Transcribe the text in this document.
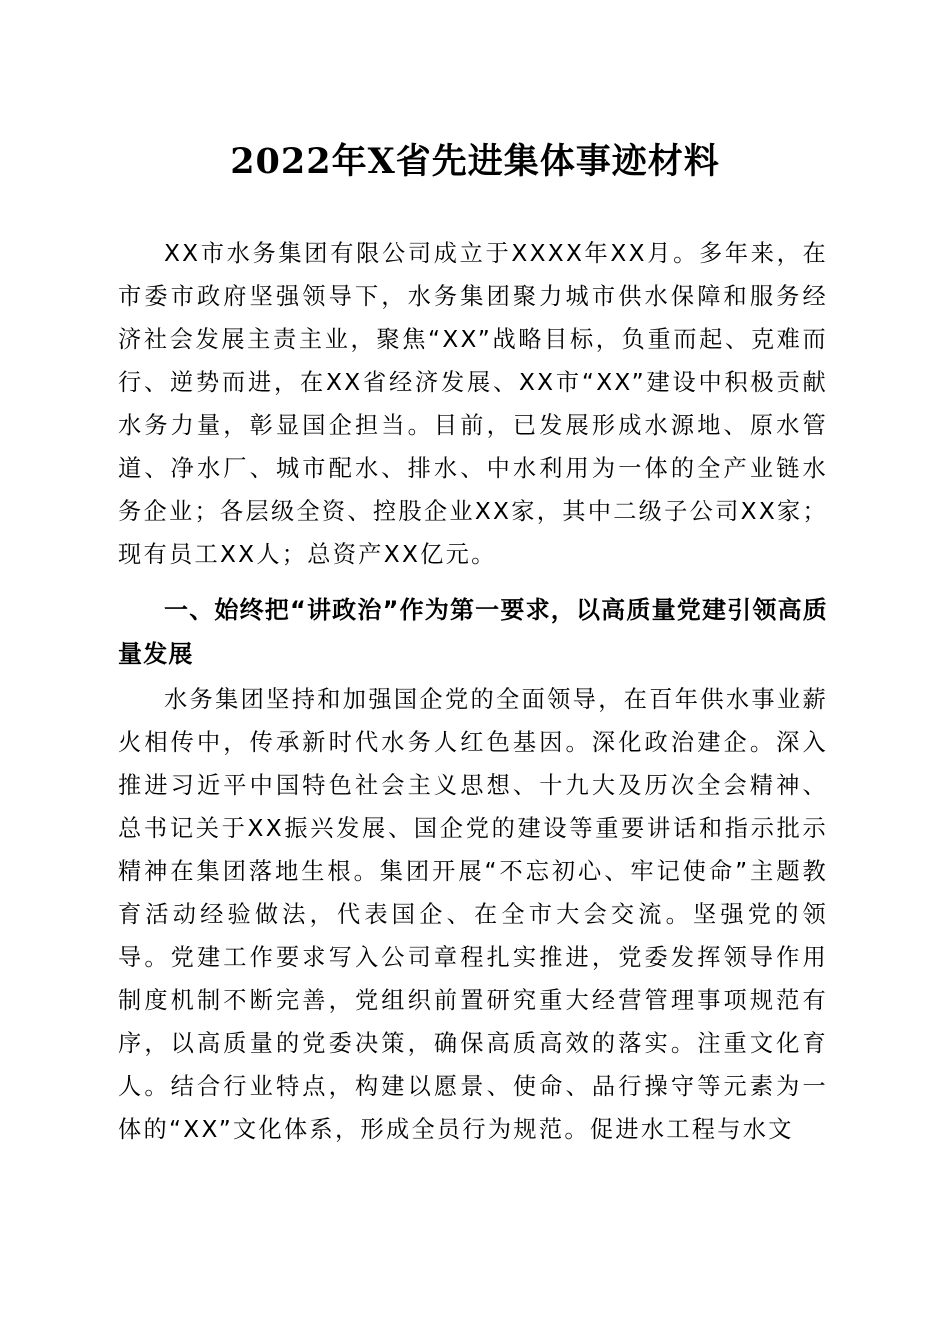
2022年X省先进集体事迹材料

XX市水务集团有限公司成立于XXXX年XX月。多年来，在市委市政府坚强领导下，水务集团聚力城市供水保障和服务经济社会发展主责主业，聚焦“XX”战略目标，负重而起、克难而行、逆势而进，在XX省经济发展、XX市“XX”建设中积极贡献水务力量，彰显国企担当。目前，已发展形成水源地、原水管道、净水厂、城市配水、排水、中水利用为一体的全产业链水务企业；各层级全资、控股企业XX家，其中二级子公司XX家；现有员工XX人；总资产XX亿元。

一、始终把“讲政治”作为第一要求，以高质量党建引领高质量发展

水务集团坚持和加强国企党的全面领导，在百年供水事业薪火相传中，传承新时代水务人红色基因。深化政治建企。深入推进习近平中国特色社会主义思想、十九大及历次全会精神、总书记关于XX振兴发展、国企党的建设等重要讲话和指示批示精神在集团落地生根。集团开展“不忘初心、牢记使命”主题教育活动经验做法，代表国企、在全市大会交流。坚强党的领导。党建工作要求写入公司章程扎实推进，党委发挥领导作用制度机制不断完善，党组织前置研究重大经营管理事项规范有序，以高质量的党委决策，确保高质高效的落实。注重文化育人。结合行业特点，构建以愿景、使命、品行操守等元素为一体的“XX”文化体系，形成全员行为规范。促进水工程与水文
